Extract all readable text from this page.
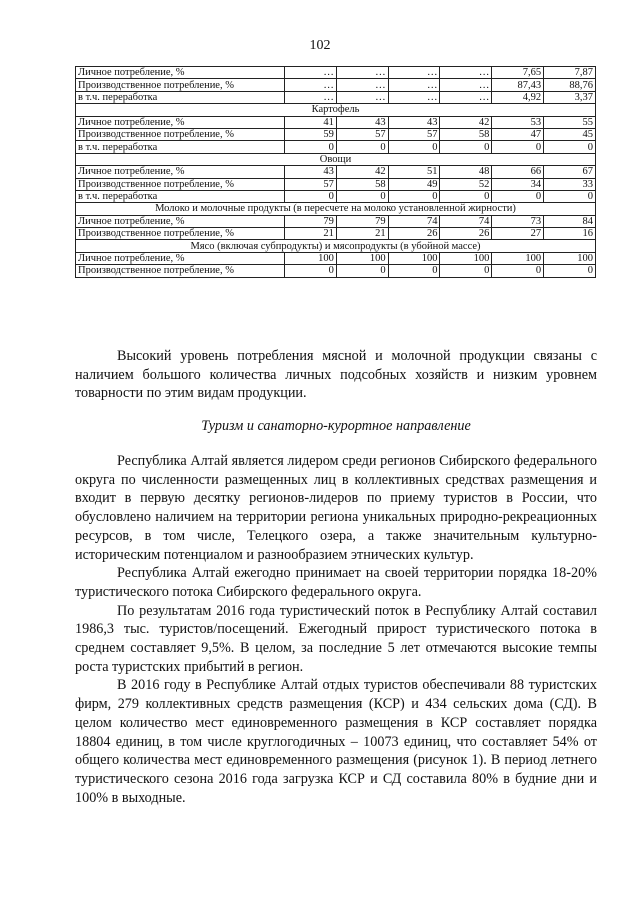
102
Личное потребление, %	…	…	…	…	7,65	7,87
Производственное потребление, %	…	…	…	…	87,43	88,76
в т.ч. переработка	…	…	…	…	4,92	3,37
Картофель						
Личное потребление, %	41	43	43	42	53	55
Производственное потребление, %	59	57	57	58	47	45
в т.ч. переработка	0	0	0	0	0	0
Овощи						
Личное потребление, %	43	42	51	48	66	67
Производственное потребление, %	57	58	49	52	34	33
в т.ч. переработка	0	0	0	0	0	0
Молоко и молочные продукты (в пересчете на молоко установленной жирности)						
Личное потребление, %	79	79	74	74	73	84
Производственное потребление, %	21	21	26	26	27	16
Мясо (включая субпродукты) и мясопродукты (в убойной массе)						
Личное потребление, %	100	100	100	100	100	100
Производственное потребление, %	0	0	0	0	0	0

Высокий уровень потребления мясной и молочной продукции связаны с наличием большого количества личных подсобных хозяйств и низким уровнем товарности по этим видам продукции.

Туризм и санаторно-курортное направление

Республика Алтай является лидером среди регионов Сибирского федерального округа по численности размещенных лиц в коллективных средствах размещения и входит в первую десятку регионов-лидеров по приему туристов в России, что обусловлено наличием на территории региона уникальных природно-рекреационных ресурсов, в том числе, Телецкого озера, а также значительным культурно-историческим потенциалом и разнообразием этнических культур.

Республика Алтай ежегодно принимает на своей территории порядка 18-20% туристического потока Сибирского федерального округа.

По результатам 2016 года туристический поток в Республику Алтай составил 1986,3 тыс. туристов/посещений. Ежегодный прирост туристического потока в среднем составляет 9,5%. В целом, за последние 5 лет отмечаются высокие темпы роста туристских прибытий в регион.

В 2016 году в Республике Алтай отдых туристов обеспечивали 88 туристских фирм, 279 коллективных средств размещения (КСР) и 434 сельских дома (СД). В целом количество мест единовременного размещения в КСР составляет порядка 18804 единиц, в том числе круглогодичных – 10073 единиц, что составляет 54% от общего количества мест единовременного размещения (рисунок 1). В период летнего туристического сезона 2016 года загрузка КСР и СД составила 80% в будние дни и 100% в выходные.
